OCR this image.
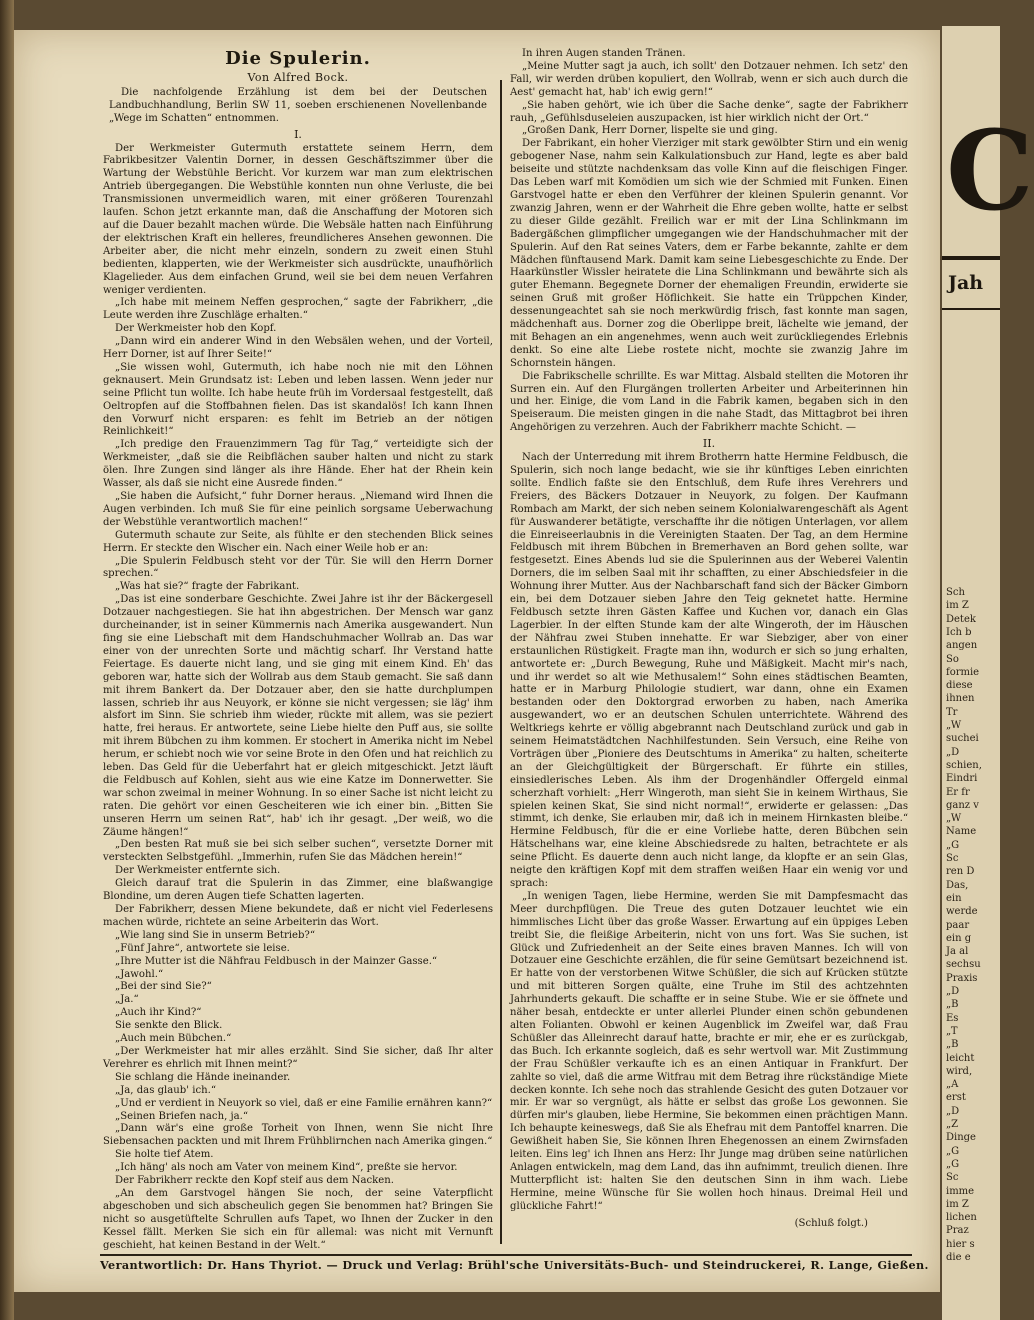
Die Spulerin.
Von Alfred Bock.
Die nachfolgende Erzählung ist dem bei der Deutschen Landbuchhandlung, Berlin SW 11, soeben erschienenen Novellenbande „Wege im Schatten“ entnommen.
I.

Der Werkmeister Gutermuth erstattete seinem Herrn, dem Fabrikbesitzer Valentin Dorner, in dessen Geschäftszimmer über die Wartung der Webstühle Bericht. Vor kurzem war man zum elektrischen Antrieb übergegangen. Die Webstühle konnten nun ohne Verluste, die bei Transmissionen unvermeidlich waren, mit einer größeren Tourenzahl laufen. Schon jetzt erkannte man, daß die Anschaffung der Motoren sich auf die Dauer bezahlt machen würde. Die Websäle hatten nach Einführung der elektrischen Kraft ein helleres, freundlicheres Ansehen gewonnen. Die Arbeiter aber, die nicht mehr einzeln, sondern zu zweit einen Stuhl bedienten, klapperten, wie der Werkmeister sich ausdrückte, unaufhörlich Klagelieder. Aus dem einfachen Grund, weil sie bei dem neuen Verfahren weniger verdienten.

„Ich habe mit meinem Neffen gesprochen,“ sagte der Fabrikherr, „die Leute werden ihre Zuschläge erhalten.“

Der Werkmeister hob den Kopf.

„Dann wird ein anderer Wind in den Websälen wehen, und der Vorteil, Herr Dorner, ist auf Ihrer Seite!“

„Sie wissen wohl, Gutermuth, ich habe noch nie mit den Löhnen geknausert. Mein Grundsatz ist: Leben und leben lassen. Wenn jeder nur seine Pflicht tun wollte. Ich habe heute früh im Vordersaal festgestellt, daß Oeltropfen auf die Stoffbahnen fielen. Das ist skandalös! Ich kann Ihnen den Vorwurf nicht ersparen: es fehlt im Betrieb an der nötigen Reinlichkeit!“

„Ich predige den Frauenzimmern Tag für Tag,“ verteidigte sich der Werkmeister, „daß sie die Reibflächen sauber halten und nicht zu stark ölen. Ihre Zungen sind länger als ihre Hände. Eher hat der Rhein kein Wasser, als daß sie nicht eine Ausrede finden.“

„Sie haben die Aufsicht,“ fuhr Dorner heraus. „Niemand wird Ihnen die Augen verbinden. Ich muß Sie für eine peinlich sorgsame Ueberwachung der Webstühle verantwortlich machen!“

Gutermuth schaute zur Seite, als fühlte er den stechenden Blick seines Herrn. Er steckte den Wischer ein. Nach einer Weile hob er an:

„Die Spulerin Feldbusch steht vor der Tür. Sie will den Herrn Dorner sprechen.“

„Was hat sie?“ fragte der Fabrikant.

„Das ist eine sonderbare Geschichte. Zwei Jahre ist ihr der Bäckergesell Dotzauer nachgestiegen. Sie hat ihn abgestrichen. Der Mensch war ganz durcheinander, ist in seiner Kümmernis nach Amerika ausgewandert. Nun fing sie eine Liebschaft mit dem Handschuhmacher Wollrab an. Das war einer von der unrechten Sorte und mächtig scharf. Ihr Verstand hatte Feiertage. Es dauerte nicht lang, und sie ging mit einem Kind. Eh' das geboren war, hatte sich der Wollrab aus dem Staub gemacht. Sie saß dann mit ihrem Bankert da. Der Dotzauer aber, den sie hatte durchplumpen lassen, schrieb ihr aus Neuyork, er könne sie nicht vergessen; sie läg' ihm alsfort im Sinn. Sie schrieb ihm wieder, rückte mit allem, was sie peziert hatte, frei heraus. Er antwortete, seine Liebe hielte den Puff aus, sie sollte mit ihrem Bübchen zu ihm kommen. Er stochert in Amerika nicht im Nebel herum, er schiebt noch wie vor seine Brote in den Ofen und hat reichlich zu leben. Das Geld für die Ueberfahrt hat er gleich mitgeschickt. Jetzt läuft die Feldbusch auf Kohlen, sieht aus wie eine Katze im Donnerwetter. Sie war schon zweimal in meiner Wohnung. In so einer Sache ist nicht leicht zu raten. Die gehört vor einen Gescheiteren wie ich einer bin. „Bitten Sie unseren Herrn um seinen Rat“, hab' ich ihr gesagt. „Der weiß, wo die Zäume hängen!“

„Den besten Rat muß sie bei sich selber suchen“, versetzte Dorner mit versteckten Selbstgefühl. „Immerhin, rufen Sie das Mädchen herein!“

Der Werkmeister entfernte sich.

Gleich darauf trat die Spulerin in das Zimmer, eine blaßwangige Blondine, um deren Augen tiefe Schatten lagerten.

Der Fabrikherr, dessen Miene bekundete, daß er nicht viel Federlesens machen würde, richtete an seine Arbeiterin das Wort.

„Wie lang sind Sie in unserm Betrieb?“

„Fünf Jahre“, antwortete sie leise.

„Ihre Mutter ist die Nähfrau Feldbusch in der Mainzer Gasse.“

„Jawohl.“

„Bei der sind Sie?“

„Ja.“

„Auch ihr Kind?“

Sie senkte den Blick.

„Auch mein Bübchen.“

„Der Werkmeister hat mir alles erzählt. Sind Sie sicher, daß Ihr alter Verehrer es ehrlich mit Ihnen meint?“

Sie schlang die Hände ineinander.

„Ja, das glaub' ich.“

„Und er verdient in Neuyork so viel, daß er eine Familie ernähren kann?“

„Seinen Briefen nach, ja.“

„Dann wär's eine große Torheit von Ihnen, wenn Sie nicht Ihre Siebensachen packten und mit Ihrem Frühblirnchen nach Amerika gingen.“

Sie holte tief Atem.

„Ich häng' als noch am Vater von meinem Kind“, preßte sie hervor.

Der Fabrikherr reckte den Kopf steif aus dem Nacken.

„An dem Garstvogel hängen Sie noch, der seine Vaterpflicht abgeschoben und sich abscheulich gegen Sie benommen hat? Bringen Sie nicht so ausgetüftelte Schrullen aufs Tapet, wo Ihnen der Zucker in den Kessel fällt. Merken Sie sich ein für allemal: was nicht mit Vernunft geschieht, hat keinen Bestand in der Welt.“

In ihren Augen standen Tränen.

„Meine Mutter sagt ja auch, ich sollt' den Dotzauer nehmen. Ich setz' den Fall, wir werden drüben kopuliert, den Wollrab, wenn er sich auch durch die Aest' gemacht hat, hab' ich ewig gern!“

„Sie haben gehört, wie ich über die Sache denke“, sagte der Fabrikherr rauh, „Gefühlsduseleien auszupacken, ist hier wirklich nicht der Ort.“

„Großen Dank, Herr Dorner, lispelte sie und ging.

Der Fabrikant, ein hoher Vierziger mit stark gewölbter Stirn und ein wenig gebogener Nase, nahm sein Kalkulationsbuch zur Hand, legte es aber bald beiseite und stützte nachdenksam das volle Kinn auf die fleischigen Finger. Das Leben warf mit Komödien um sich wie der Schmied mit Funken. Einen Garstvogel hatte er eben den Verführer der kleinen Spulerin genannt. Vor zwanzig Jahren, wenn er der Wahrheit die Ehre geben wollte, hatte er selbst zu dieser Gilde gezählt. Freilich war er mit der Lina Schlinkmann im Badergäßchen glimpflicher umgegangen wie der Handschuhmacher mit der Spulerin. Auf den Rat seines Vaters, dem er Farbe bekannte, zahlte er dem Mädchen fünftausend Mark. Damit kam seine Liebesgeschichte zu Ende. Der Haarkünstler Wissler heiratete die Lina Schlinkmann und bewährte sich als guter Ehemann. Begegnete Dorner der ehemaligen Freundin, erwiderte sie seinen Gruß mit großer Höflichkeit. Sie hatte ein Trüppchen Kinder, dessenungeachtet sah sie noch merkwürdig frisch, fast konnte man sagen, mädchenhaft aus. Dorner zog die Oberlippe breit, lächelte wie jemand, der mit Behagen an ein angenehmes, wenn auch weit zurückliegendes Erlebnis denkt. So eine alte Liebe rostete nicht, mochte sie zwanzig Jahre im Schornstein hängen.

Die Fabrikschelle schrillte. Es war Mittag. Alsbald stellten die Motoren ihr Surren ein. Auf den Flurgängen trollerten Arbeiter und Arbeiterinnen hin und her. Einige, die vom Land in die Fabrik kamen, begaben sich in den Speiseraum. Die meisten gingen in die nahe Stadt, das Mittagbrot bei ihren Angehörigen zu verzehren. Auch der Fabrikherr machte Schicht. —

II.

Nach der Unterredung mit ihrem Brotherrn hatte Hermine Feldbusch, die Spulerin, sich noch lange bedacht, wie sie ihr künftiges Leben einrichten sollte. Endlich faßte sie den Entschluß, dem Rufe ihres Verehrers und Freiers, des Bäckers Dotzauer in Neuyork, zu folgen. Der Kaufmann Rombach am Markt, der sich neben seinem Kolonialwarengeschäft als Agent für Auswanderer betätigte, verschaffte ihr die nötigen Unterlagen, vor allem die Einreiseerlaubnis in die Vereinigten Staaten. Der Tag, an dem Hermine Feldbusch mit ihrem Bübchen in Bremerhaven an Bord gehen sollte, war festgesetzt. Eines Abends lud sie die Spulerinnen aus der Weberei Valentin Dorners, die im selben Saal mit ihr schafften, zu einer Abschiedsfeier in die Wohnung ihrer Mutter. Aus der Nachbarschaft fand sich der Bäcker Gimborn ein, bei dem Dotzauer sieben Jahre den Teig geknetet hatte. Hermine Feldbusch setzte ihren Gästen Kaffee und Kuchen vor, danach ein Glas Lagerbier. In der elften Stunde kam der alte Wingeroth, der im Häuschen der Nähfrau zwei Stuben innehatte. Er war Siebziger, aber von einer erstaunlichen Rüstigkeit. Fragte man ihn, wodurch er sich so jung erhalten, antwortete er: „Durch Bewegung, Ruhe und Mäßigkeit. Macht mir's nach, und ihr werdet so alt wie Methusalem!“ Sohn eines städtischen Beamten, hatte er in Marburg Philologie studiert, war dann, ohne ein Examen bestanden oder den Doktorgrad erworben zu haben, nach Amerika ausgewandert, wo er an deutschen Schulen unterrichtete. Während des Weltkriegs kehrte er völlig abgebrannt nach Deutschland zurück und gab in seinem Heimatstädtchen Nachhilfestunden. Sein Versuch, eine Reihe von Vorträgen über „Pioniere des Deutschtums in Amerika“ zu halten, scheiterte an der Gleichgültigkeit der Bürgerschaft. Er führte ein stilles, einsiedlerisches Leben. Als ihm der Drogenhändler Offergeld einmal scherzhaft vorhielt: „Herr Wingeroth, man sieht Sie in keinem Wirthaus, Sie spielen keinen Skat, Sie sind nicht normal!“, erwiderte er gelassen: „Das stimmt, ich denke, Sie erlauben mir, daß ich in meinem Hirnkasten bleibe.“ Hermine Feldbusch, für die er eine Vorliebe hatte, deren Bübchen sein Hätschelhans war, eine kleine Abschiedsrede zu halten, betrachtete er als seine Pflicht. Es dauerte denn auch nicht lange, da klopfte er an sein Glas, neigte den kräftigen Kopf mit dem straffen weißen Haar ein wenig vor und sprach:

„In wenigen Tagen, liebe Hermine, werden Sie mit Dampfesmacht das Meer durchpflügen. Die Treue des guten Dotzauer leuchtet wie ein himmlisches Licht über das große Wasser. Erwartung auf ein üppiges Leben treibt Sie, die fleißige Arbeiterin, nicht von uns fort. Was Sie suchen, ist Glück und Zufriedenheit an der Seite eines braven Mannes. Ich will von Dotzauer eine Geschichte erzählen, die für seine Gemütsart bezeichnend ist. Er hatte von der verstorbenen Witwe Schüßler, die sich auf Krücken stützte und mit bitteren Sorgen quälte, eine Truhe im Stil des achtzehnten Jahrhunderts gekauft. Die schaffte er in seine Stube. Wie er sie öffnete und näher besah, entdeckte er unter allerlei Plunder einen schön gebundenen alten Folianten. Obwohl er keinen Augenblick im Zweifel war, daß Frau Schüßler das Alleinrecht darauf hatte, brachte er mir, ehe er es zurückgab, das Buch. Ich erkannte sogleich, daß es sehr wertvoll war. Mit Zustimmung der Frau Schüßler verkaufte ich es an einen Antiquar in Frankfurt. Der zahlte so viel, daß die arme Witfrau mit dem Betrag ihre rückständige Miete decken konnte. Ich sehe noch das strahlende Gesicht des guten Dotzauer vor mir. Er war so vergnügt, als hätte er selbst das große Los gewonnen. Sie dürfen mir's glauben, liebe Hermine, Sie bekommen einen prächtigen Mann. Ich behaupte keineswegs, daß Sie als Ehefrau mit dem Pantoffel knarren. Die Gewißheit haben Sie, Sie können Ihren Ehegenossen an einem Zwirnsfaden leiten. Eins leg' ich Ihnen ans Herz: Ihr Junge mag drüben seine natürlichen Anlagen entwickeln, mag dem Land, das ihn aufnimmt, treulich dienen. Ihre Mutterpflicht ist: halten Sie den deutschen Sinn in ihm wach. Liebe Hermine, meine Wünsche für Sie wollen hoch hinaus. Dreimal Heil und glückliche Fahrt!“

(Schluß folgt.)
Verantwortlich: Dr. Hans Thyriot. — Druck und Verlag: Brühl'sche Universitäts-Buch- und Steindruckerei, R. Lange, Gießen.
C
Jah
Sch
im Z
Detek
Ich b
angen
So
formie
diese
ihnen
Tr
„W
suchei
„D
schien,
Eindri
Er fr
ganz v
„W
Name
„G
Sc
ren D
Das,
ein
werde
paar
ein g
Ja al
sechsu
Praxis
„D
„B
Es
„T
„B
leicht
wird,
„A
erst
„D
„Z
Dinge
„G
„G
Sc
imme
im Z
lichen
Praz
hier s
die e
